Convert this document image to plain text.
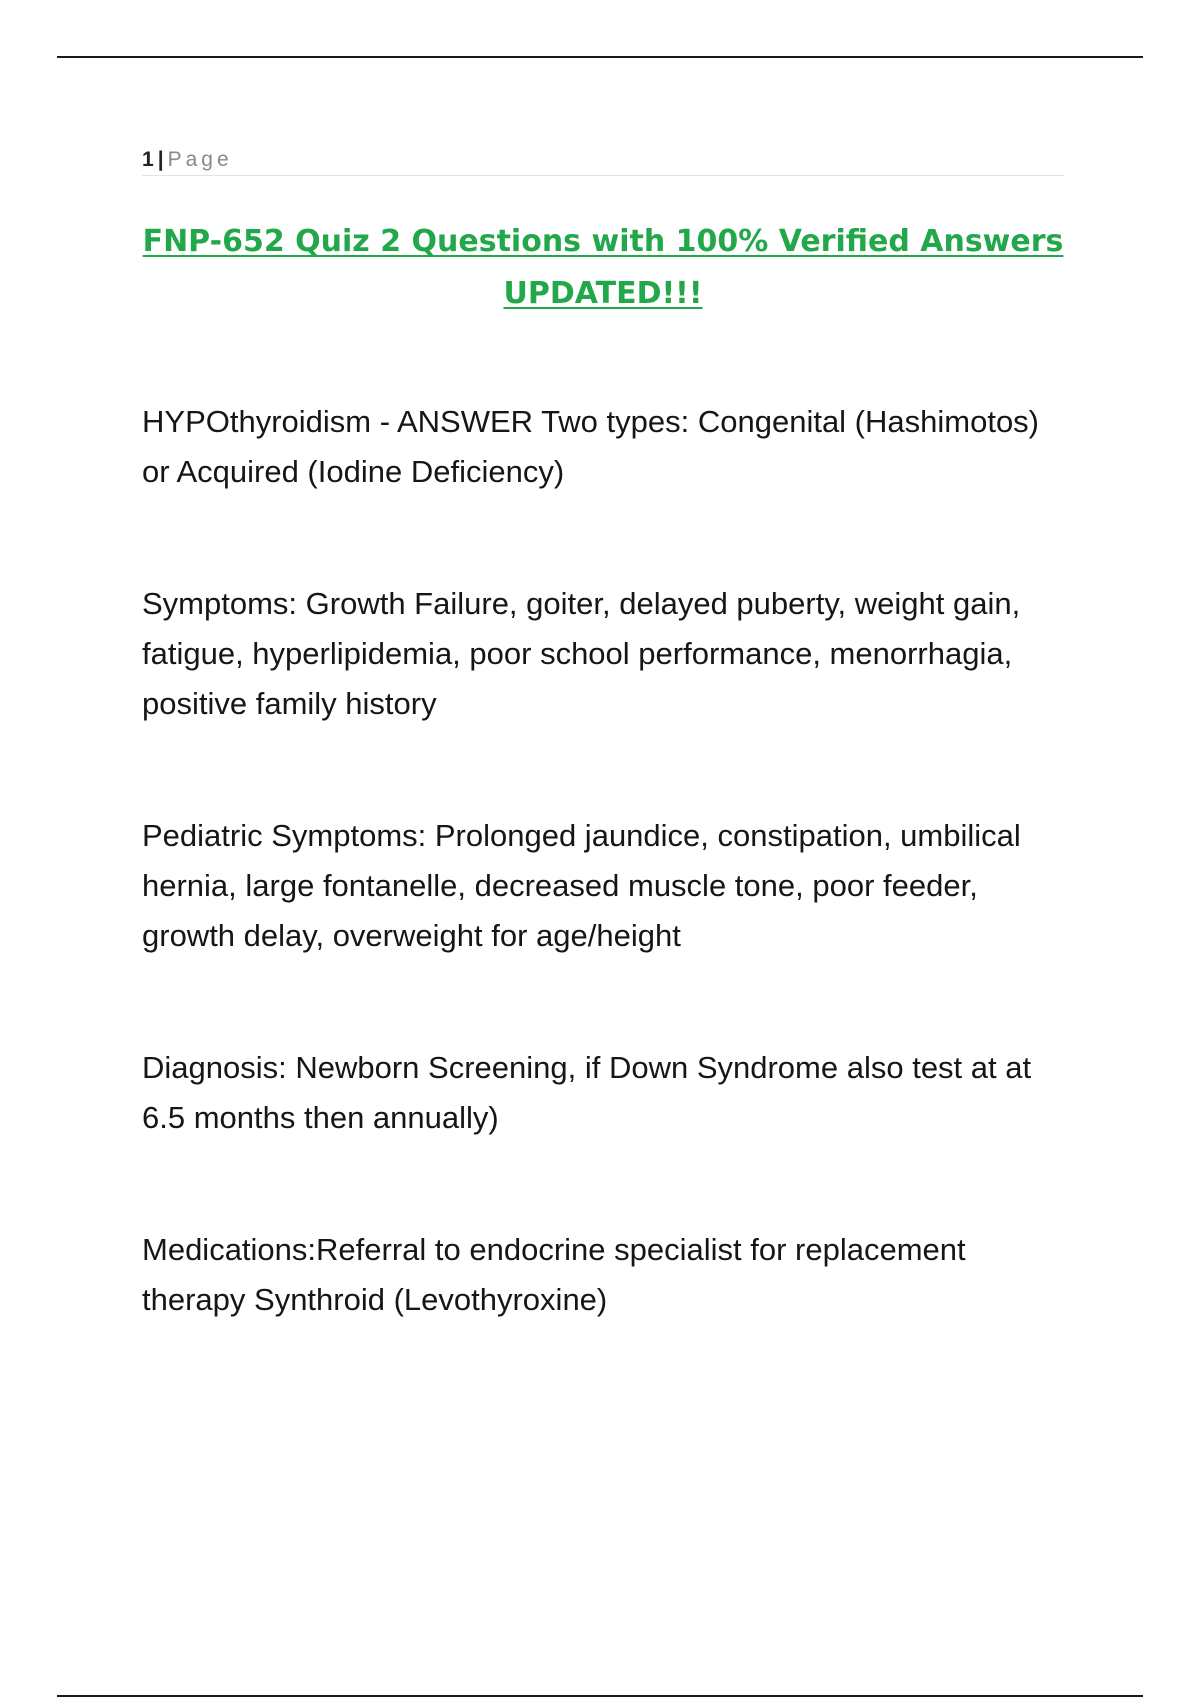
1 | Page
FNP-652 Quiz 2 Questions with 100% Verified Answers UPDATED!!!

HYPOthyroidism - ANSWER Two types: Congenital (Hashimotos) or Acquired (Iodine Deficiency)

Symptoms: Growth Failure, goiter, delayed puberty, weight gain, fatigue, hyperlipidemia, poor school performance, menorrhagia, positive family history

Pediatric Symptoms: Prolonged jaundice, constipation, umbilical hernia, large fontanelle, decreased muscle tone, poor feeder, growth delay, overweight for age/height

Diagnosis: Newborn Screening, if Down Syndrome also test at at 6.5 months then annually)

Medications:Referral to endocrine specialist for replacement therapy Synthroid (Levothyroxine)
